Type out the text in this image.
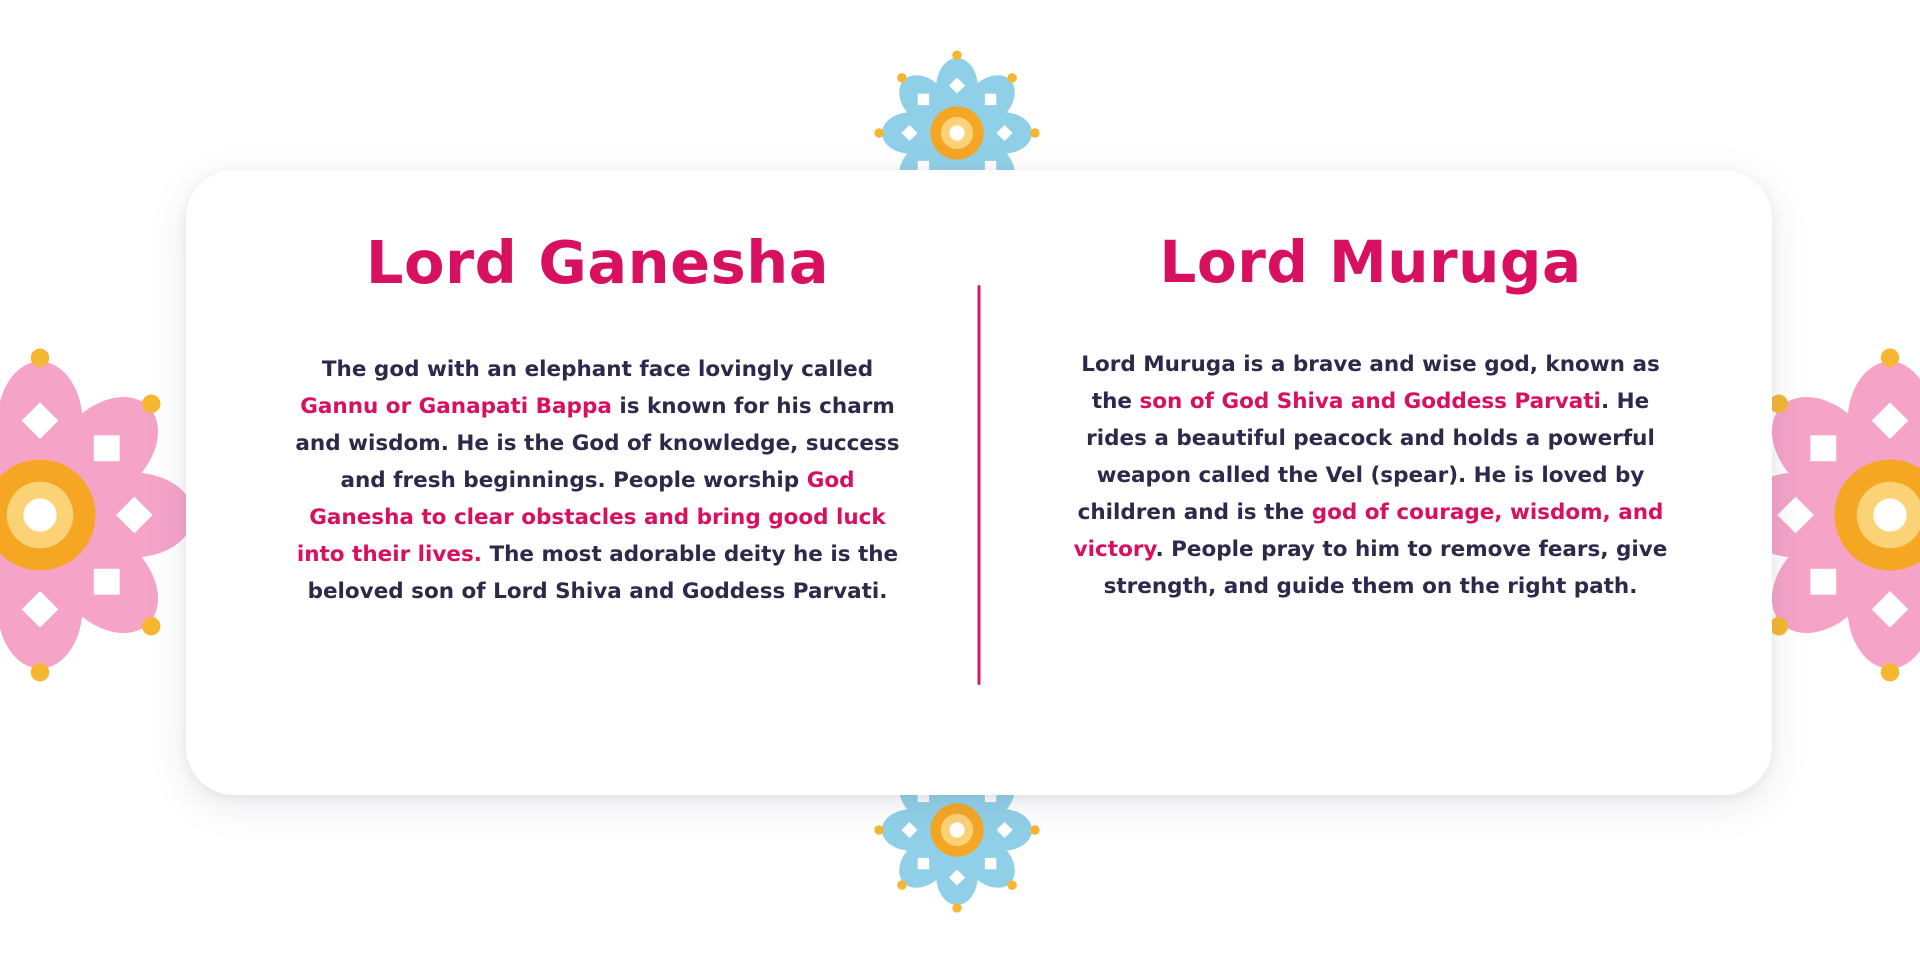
Lord Ganesha

The god with an elephant face lovingly called Gannu or Ganapati Bappa is known for his charm and wisdom. He is the God of knowledge, success and fresh beginnings. People worship God Ganesha to clear obstacles and bring good luck into their lives. The most adorable deity he is the beloved son of Lord Shiva and Goddess Parvati.

Lord Muruga

Lord Muruga is a brave and wise god, known as the son of God Shiva and Goddess Parvati. He rides a beautiful peacock and holds a powerful weapon called the Vel (spear). He is loved by children and is the god of courage, wisdom, and victory. People pray to him to remove fears, give strength, and guide them on the right path.
